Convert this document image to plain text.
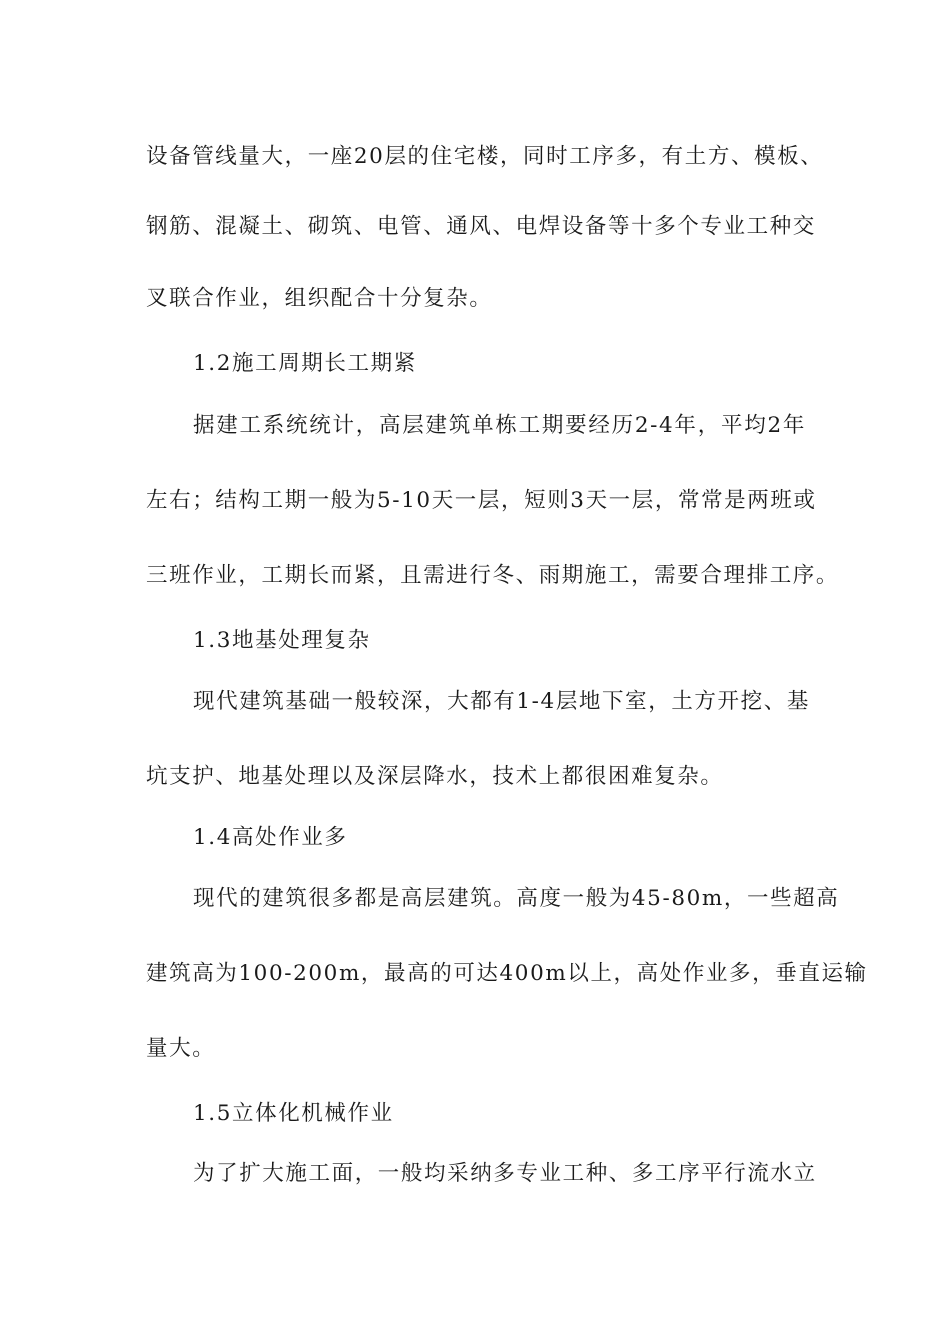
设备管线量大，一座20层的住宅楼，同时工序多，有土方、模板、
钢筋、混凝土、砌筑、电管、通风、电焊设备等十多个专业工种交
叉联合作业，组织配合十分复杂。
1.2施工周期长工期紧
据建工系统统计，高层建筑单栋工期要经历2-4年，平均2年
左右；结构工期一般为5-10天一层，短则3天一层，常常是两班或
三班作业，工期长而紧，且需进行冬、雨期施工，需要合理排工序。
1.3地基处理复杂
现代建筑基础一般较深，大都有1-4层地下室，土方开挖、基
坑支护、地基处理以及深层降水，技术上都很困难复杂。
1.4高处作业多
现代的建筑很多都是高层建筑。高度一般为45-80m，一些超高
建筑高为100-200m，最高的可达400m以上，高处作业多，垂直运输
量大。
1.5立体化机械作业
为了扩大施工面，一般均采纳多专业工种、多工序平行流水立
